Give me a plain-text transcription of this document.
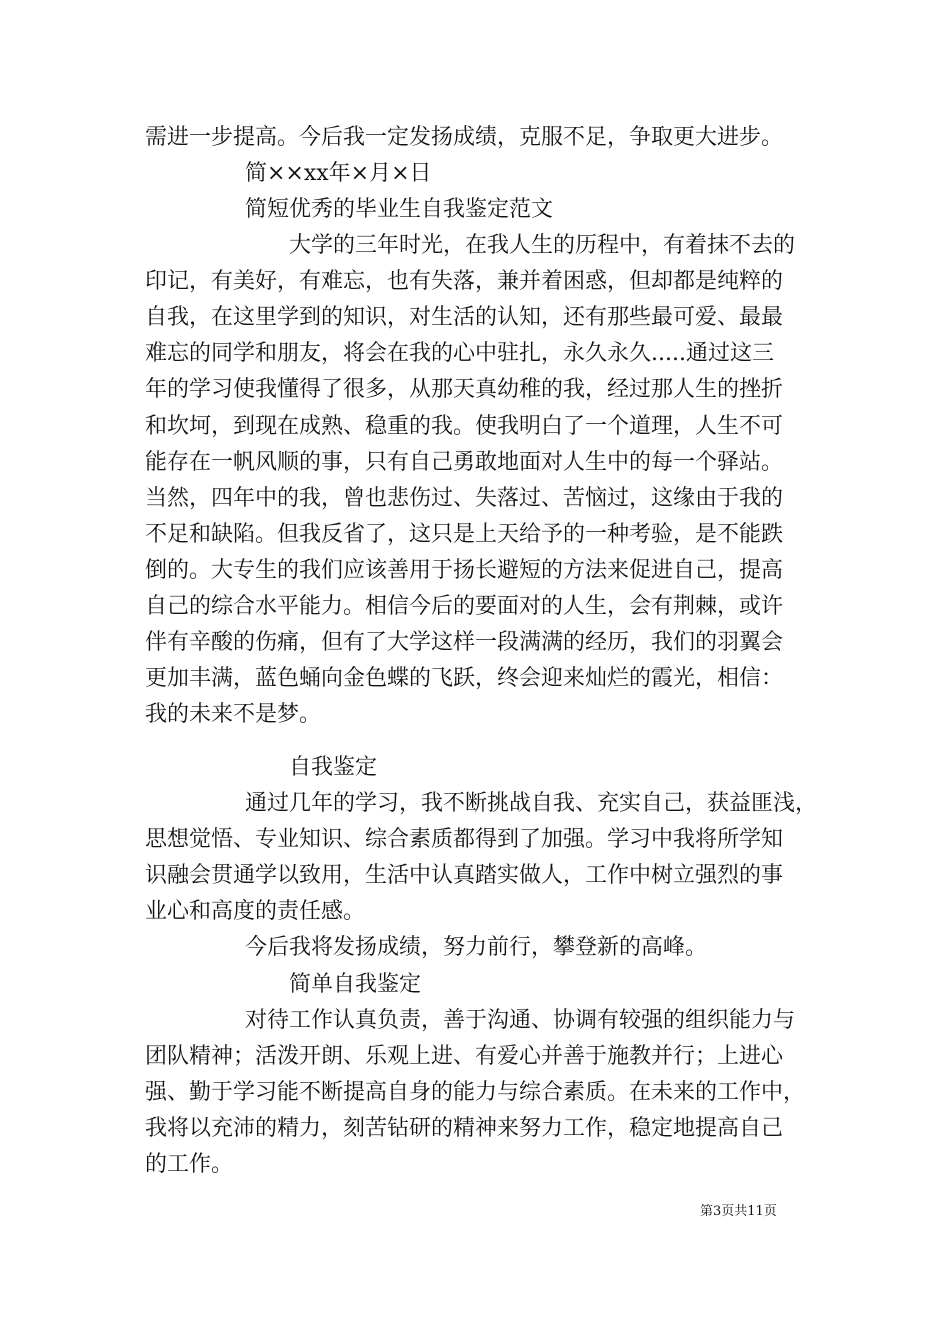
需进一步提高。今后我一定发扬成绩，克服不足，争取更大进步。
简××xx年×月×日
简短优秀的毕业生自我鉴定范文
大学的三年时光，在我人生的历程中，有着抹不去的
印记，有美好，有难忘，也有失落，兼并着困惑，但却都是纯粹的
自我，在这里学到的知识，对生活的认知，还有那些最可爱、最最
难忘的同学和朋友，将会在我的心中驻扎，永久永久.....通过这三
年的学习使我懂得了很多，从那天真幼稚的我，经过那人生的挫折
和坎坷，到现在成熟、稳重的我。使我明白了一个道理，人生不可
能存在一帆风顺的事，只有自己勇敢地面对人生中的每一个驿站。
当然，四年中的我，曾也悲伤过、失落过、苦恼过，这缘由于我的
不足和缺陷。但我反省了，这只是上天给予的一种考验，是不能跌
倒的。大专生的我们应该善用于扬长避短的方法来促进自己，提高
自己的综合水平能力。相信今后的要面对的人生，会有荆棘，或许
伴有辛酸的伤痛，但有了大学这样一段满满的经历，我们的羽翼会
更加丰满，蓝色蛹向金色蝶的飞跃，终会迎来灿烂的霞光，相信：
我的未来不是梦。
自我鉴定
通过几年的学习，我不断挑战自我、充实自己，获益匪浅，
思想觉悟、专业知识、综合素质都得到了加强。学习中我将所学知
识融会贯通学以致用，生活中认真踏实做人，工作中树立强烈的事
业心和高度的责任感。
今后我将发扬成绩，努力前行，攀登新的高峰。
简单自我鉴定
对待工作认真负责，善于沟通、协调有较强的组织能力与
团队精神；活泼开朗、乐观上进、有爱心并善于施教并行；上进心
强、勤于学习能不断提高自身的能力与综合素质。在未来的工作中，
我将以充沛的精力，刻苦钻研的精神来努力工作，稳定地提高自己
的工作。
第3页共11页
